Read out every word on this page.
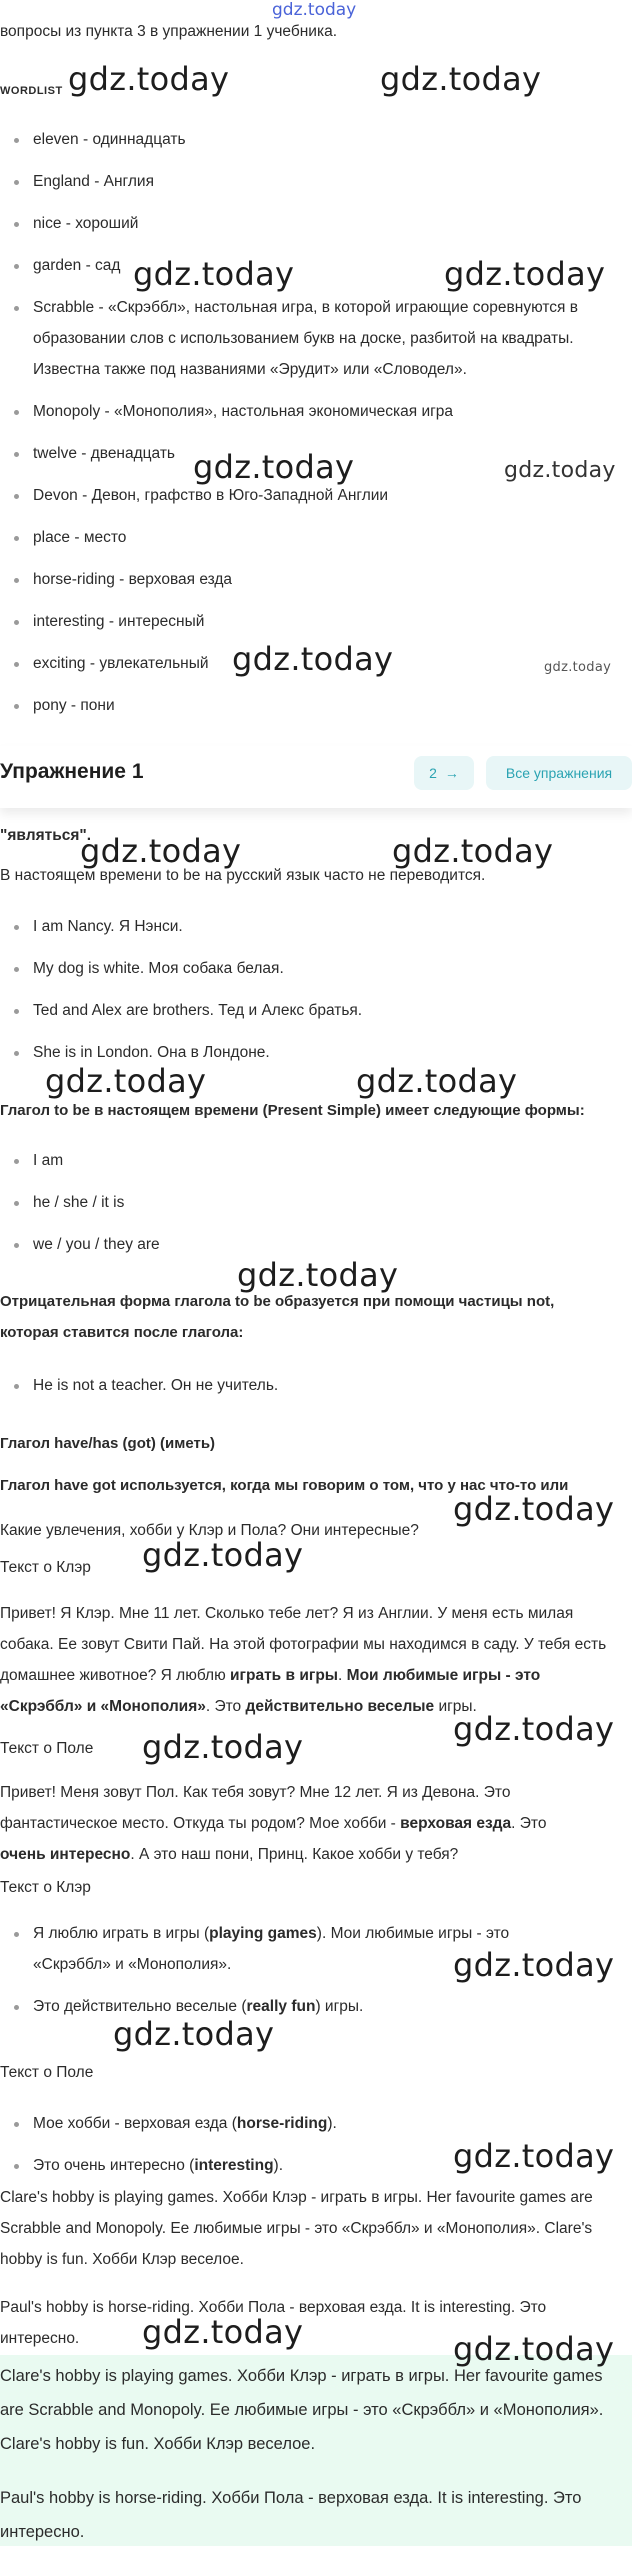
gdz.today
вопросы из пункта 3 в упражнении 1 учебника.
WORDLIST
eleven - одиннадцать
England - Англия
nice - хороший
garden - сад
Scrabble - «Скрэббл», настольная игра, в которой играющие соревнуются в образовании слов с использованием букв на доске, разбитой на квадраты. Известна также под названиями «Эрудит» или «Словодел».
Monopoly - «Монополия», настольная экономическая игра
twelve - двенадцать
Devon - Девон, графство в Юго-Западной Англии
place - место
horse-riding - верховая езда
interesting - интересный
exciting - увлекательный
pony - пони
Упражнение 1	2 →	Все упражнения
"являться".
В настоящем времени to be на русский язык часто не переводится.
I am Nancy. Я Нэнси.
My dog is white. Моя собака белая.
Ted and Alex are brothers. Тед и Алекс братья.
She is in London. Она в Лондоне.
Глагол to be в настоящем времени (Present Simple) имеет следующие формы:
I am
he / she / it is
we / you / they are
Отрицательная форма глагола to be образуется при помощи частицы not, которая ставится после глагола:
He is not a teacher. Он не учитель.
Глагол have/has (got) (иметь)
Глагол have got используется, когда мы говорим о том, что у нас что-то или
Какие увлечения, хобби у Клэр и Пола? Они интересные?
Текст о Клэр
Привет! Я Клэр. Мне 11 лет. Сколько тебе лет? Я из Англии. У меня есть милая собака. Ее зовут Свити Пай. На этой фотографии мы находимся в саду. У тебя есть домашнее животное? Я люблю играть в игры. Мои любимые игры - это «Скрэббл» и «Монополия». Это действительно веселые игры.
Текст о Поле
Привет! Меня зовут Пол. Как тебя зовут? Мне 12 лет. Я из Девона. Это фантастическое место. Откуда ты родом? Мое хобби - верховая езда. Это очень интересно. А это наш пони, Принц. Какое хобби у тебя?
Текст о Клэр
Я люблю играть в игры (playing games). Мои любимые игры - это «Скрэббл» и «Монополия».
Это действительно веселые (really fun) игры.
Текст о Поле
Мое хобби - верховая езда (horse-riding).
Это очень интересно (interesting).
Clare's hobby is playing games. Хобби Клэр - играть в игры. Her favourite games are Scrabble and Monopoly. Ее любимые игры - это «Скрэббл» и «Монополия». Clare's hobby is fun. Хобби Клэр веселое.
Paul's hobby is horse-riding. Хобби Пола - верховая езда. It is interesting. Это интересно.
Clare's hobby is playing games. Хобби Клэр - играть в игры. Her favourite games are Scrabble and Monopoly. Ее любимые игры - это «Скрэббл» и «Монополия». Clare's hobby is fun. Хобби Клэр веселое.
Paul's hobby is horse-riding. Хобби Пола - верховая езда. It is interesting. Это интересно.
gdz.today	gdz.today
gdz.today	gdz.today
gdz.today	gdz.today
gdz.today	gdz.today
gdz.today	gdz.today
gdz.today	gdz.today
gdz.today
gdz.today
gdz.today
gdz.today
gdz.today
gdz.today
gdz.today
gdz.today
gdz.today	gdz.today
